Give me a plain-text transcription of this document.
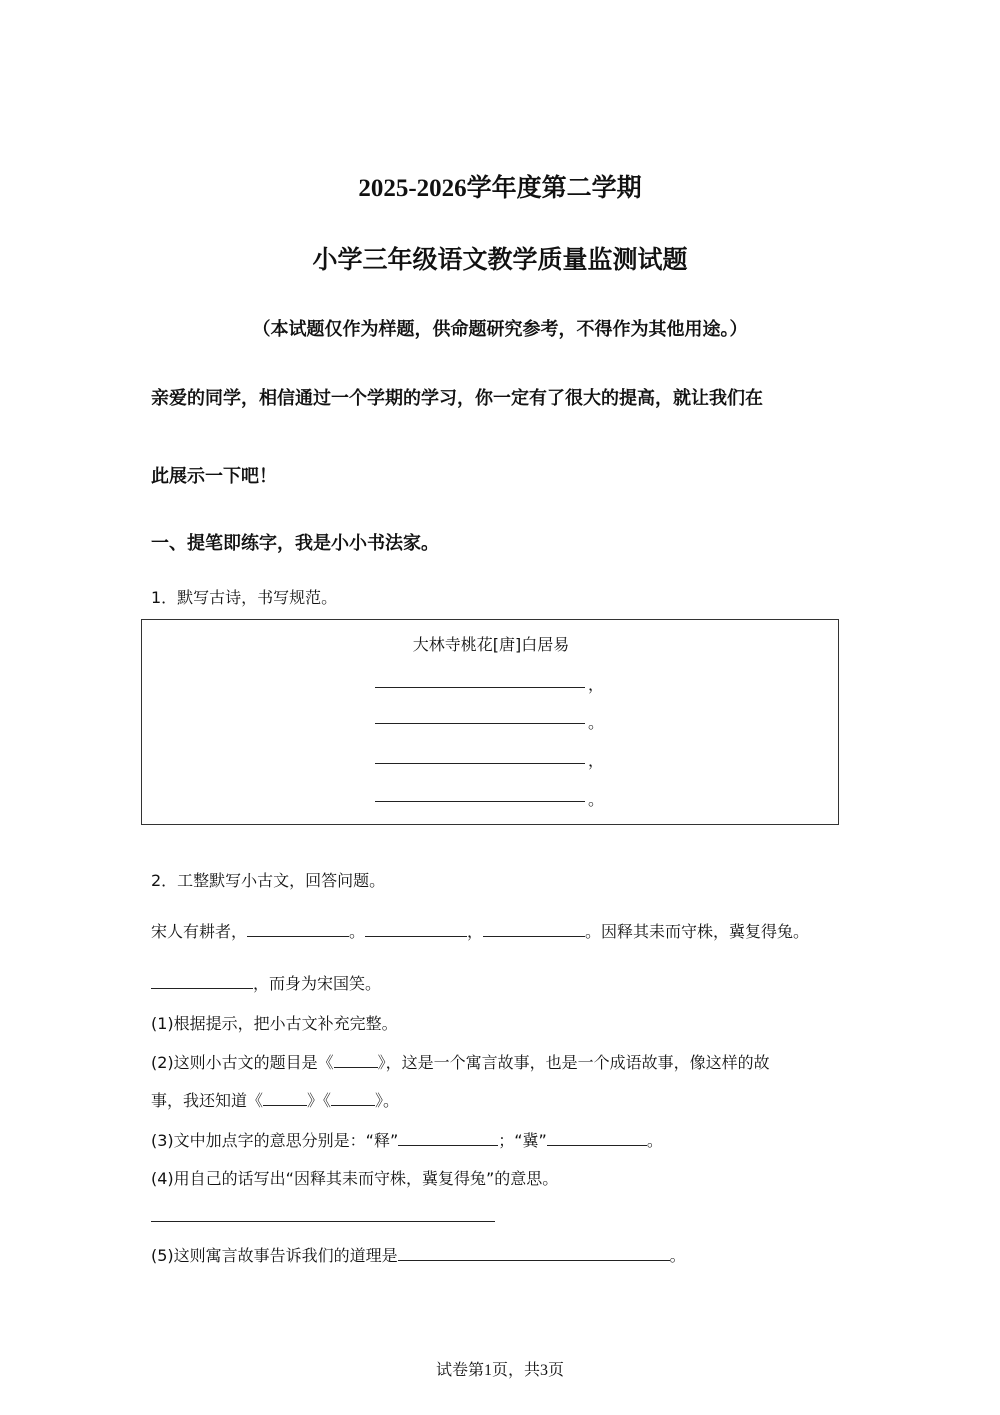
2025-2026学年度第二学期
小学三年级语文教学质量监测试题
（本试题仅作为样题，供命题研究参考，不得作为其他用途。）
亲爱的同学，相信通过一个学期的学习，你一定有了很大的提高，就让我们在
此展示一下吧！
一、提笔即练字，我是小小书法家。
1．默写古诗，书写规范。
大林寺桃花[唐]白居易
，
。
，
。
2．工整默写小古文，回答问题。
宋人有耕者，	。	，	。因释其耒而守株，冀复得兔。
，而身为宋国笑。
(1)根据提示，把小古文补充完整。
(2)这则小古文的题目是《	》，这是一个寓言故事，也是一个成语故事，像这样的故
事，我还知道《	》《	》。
(3)文中加点字的意思分别是：“释”	；“冀”	。
(4)用自己的话写出“因释其耒而守株，冀复得兔”的意思。
(5)这则寓言故事告诉我们的道理是	。
试卷第1页，共3页
